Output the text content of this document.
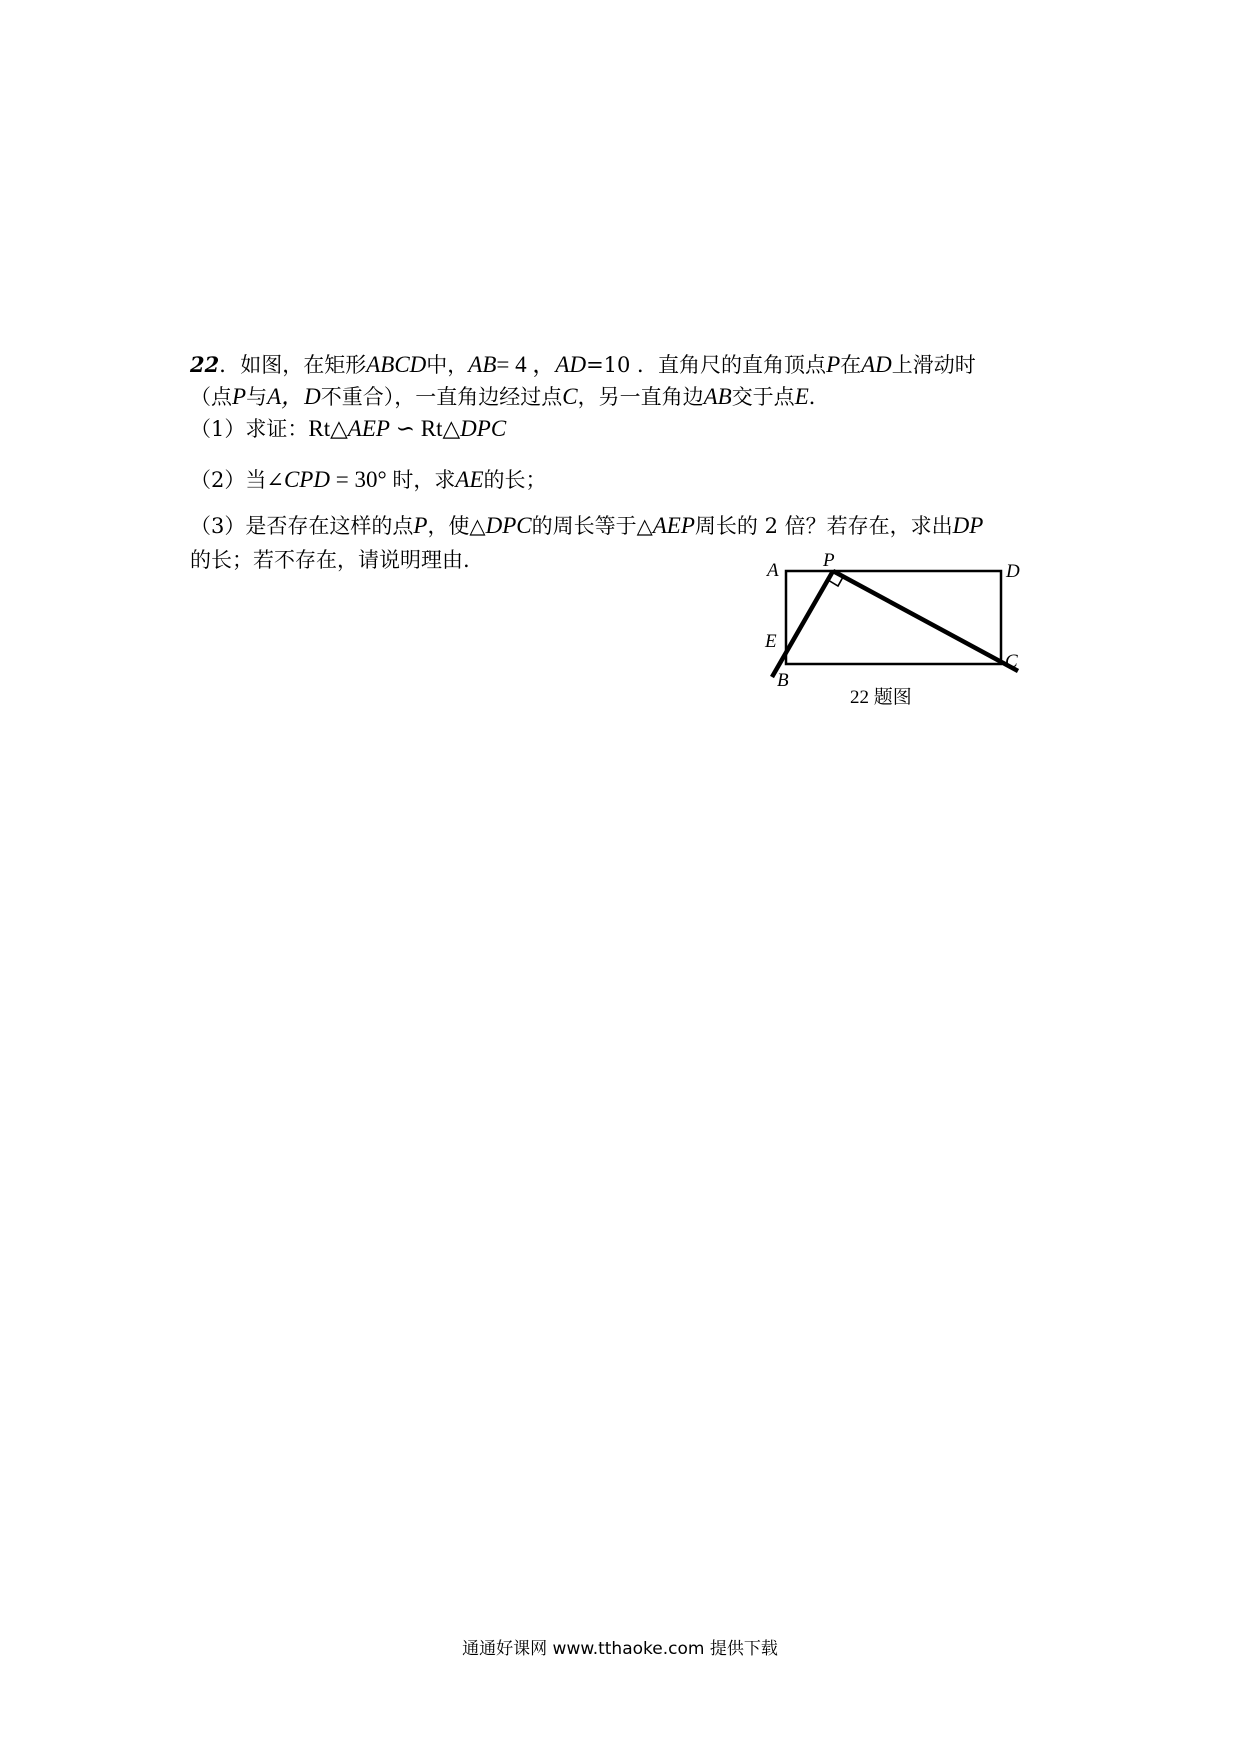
22．如图，在矩形ABCD中，AB= 4 ，AD=10 ．直角尺的直角顶点P在AD上滑动时
（点P与A，D不重合），一直角边经过点C，另一直角边AB交于点E．
（1）求证：Rt△AEP ∽ Rt△DPC
（2）当∠CPD = 30° 时，求AE的长；
（3）是否存在这样的点P，使△DPC的周长等于△AEP周长的 2 倍？若存在，求出DP
的长；若不存在，请说明理由.	A P
D
E
B
C
22 题图
通通好课网 www.tthaoke.com 提供下载
